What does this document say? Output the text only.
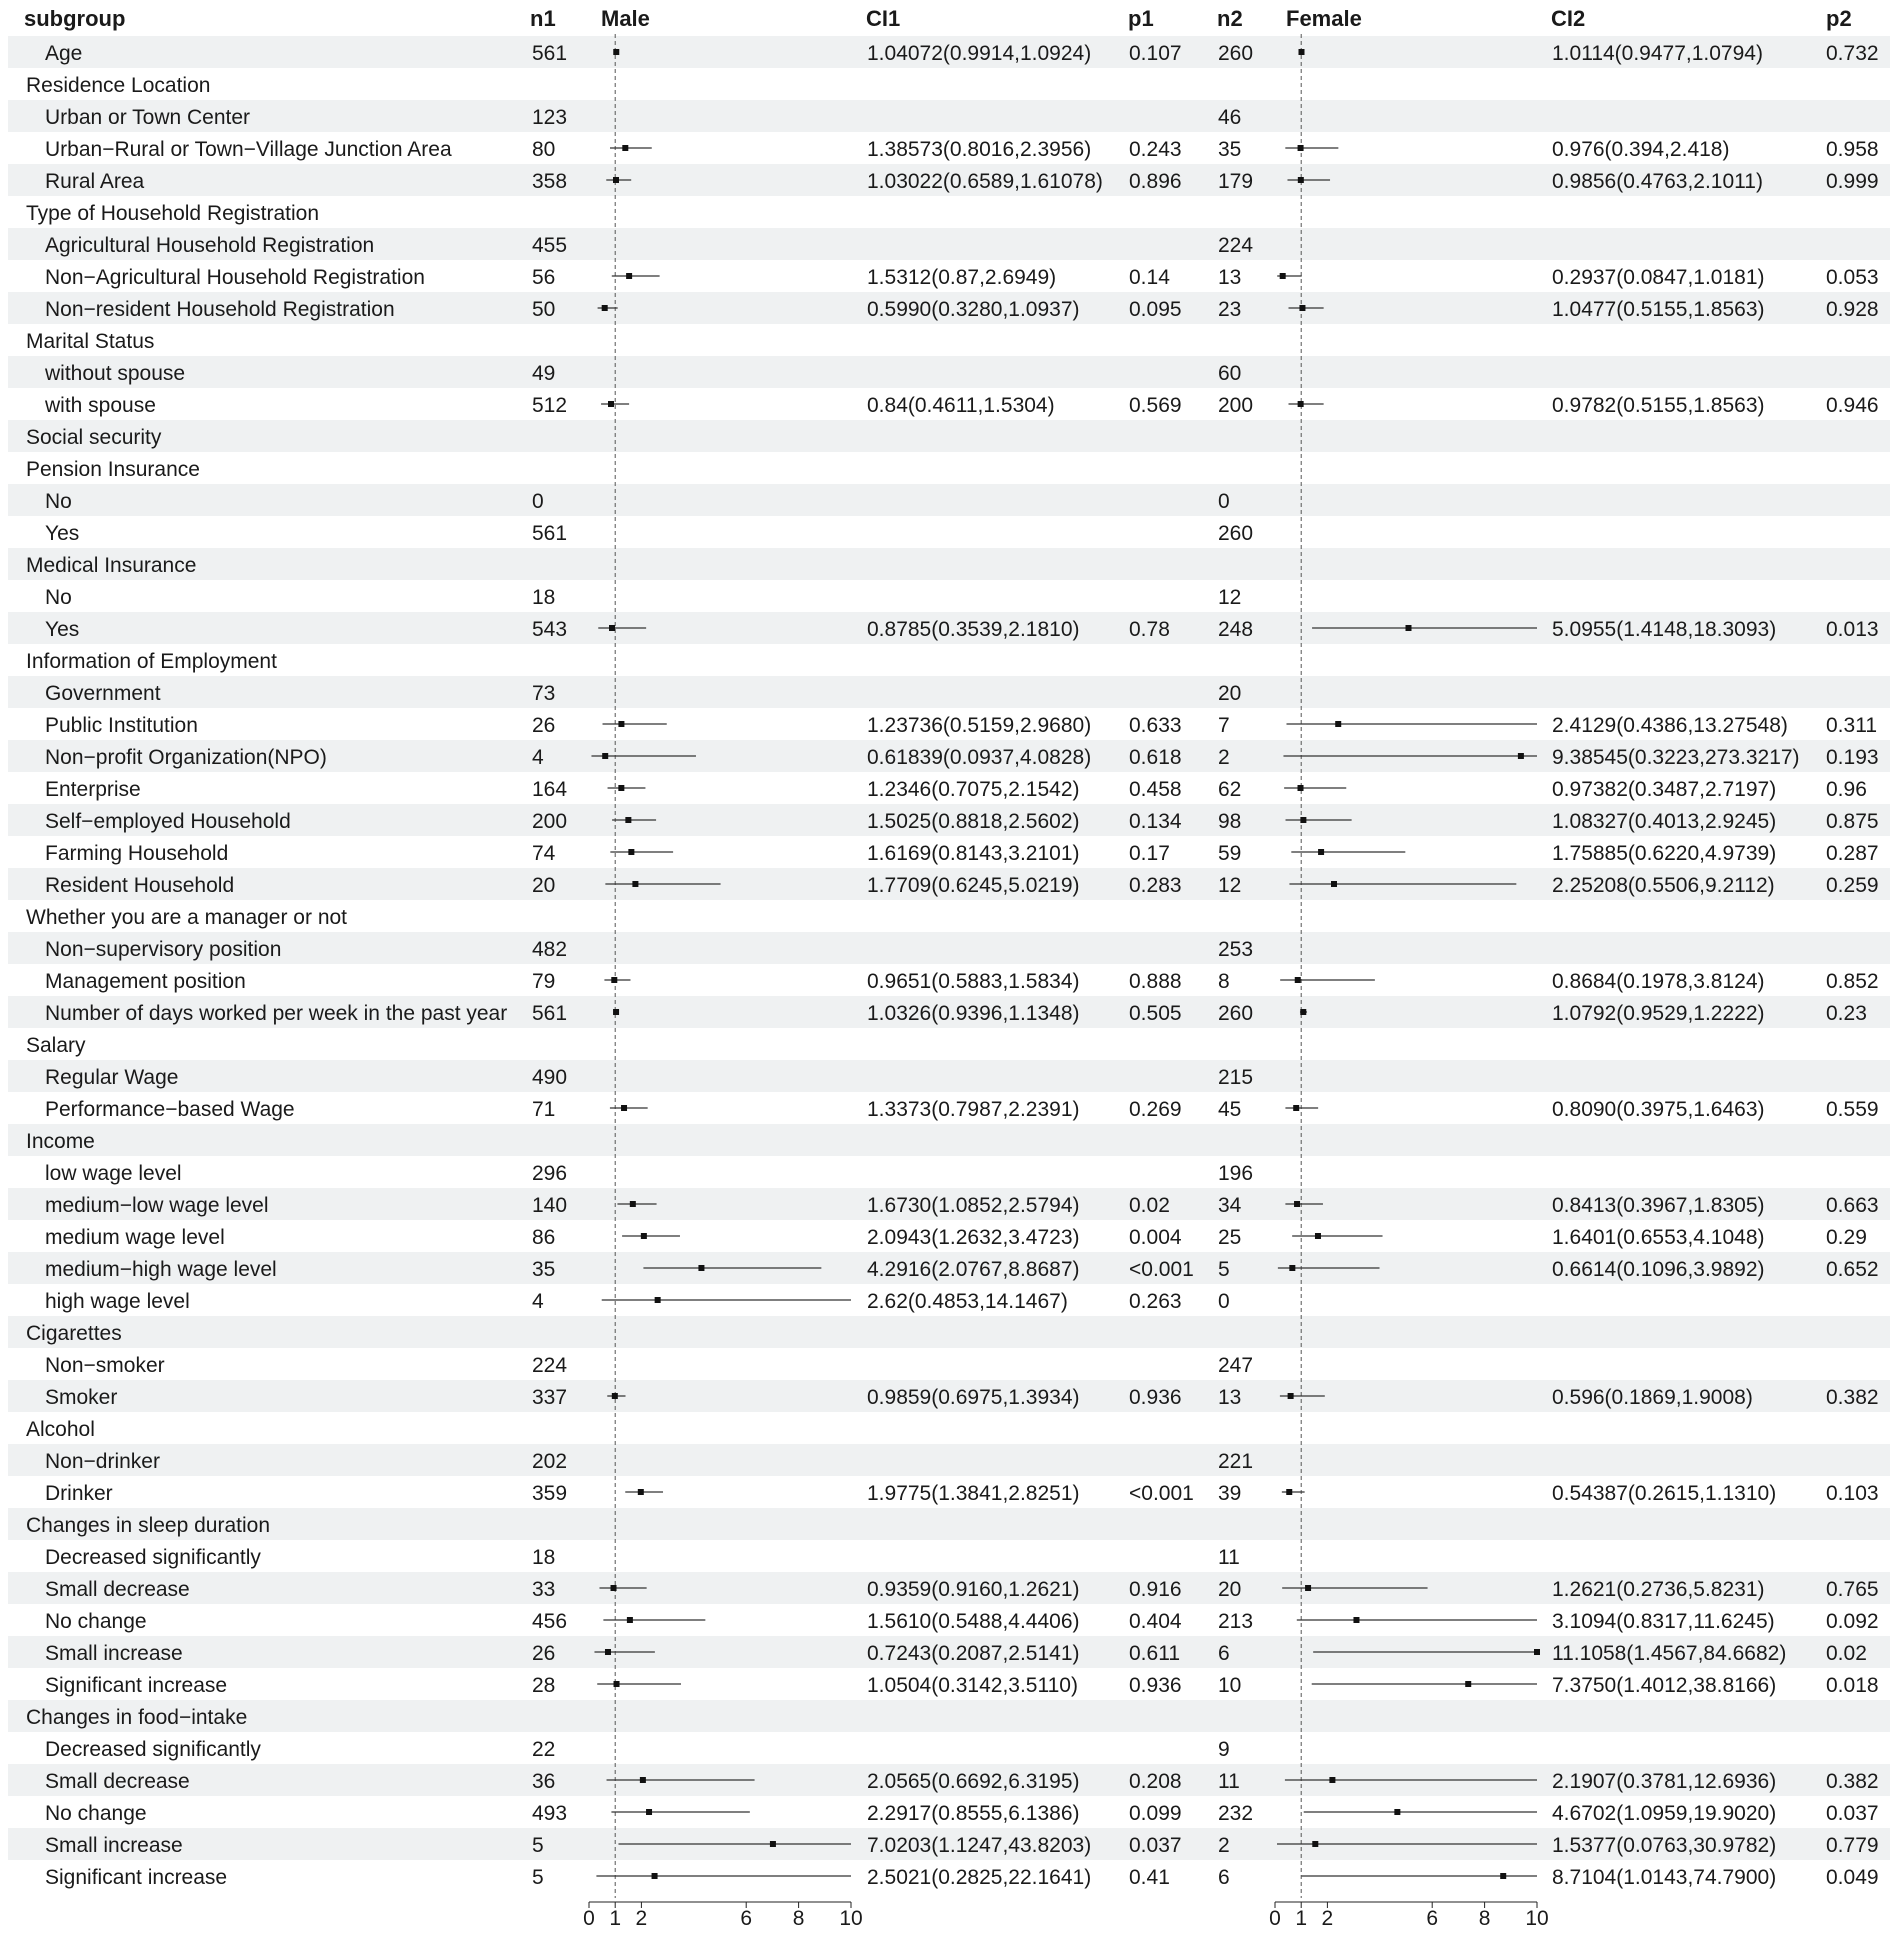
subgroup	n1 Male	CI1	p1	n2 Female	CI2	p2
Age	561	1.04072(0.9914,1.0924) 0.107 260	1.0114(0.9477,1.0794)	0.732
Residence Location
Urban or Town Center	123	46
Urban−Rural or Town−Village Junction Area	80	1.38573(0.8016,2.3956) 0.243 35	0.976(0.394,2.418)	0.958
Rural Area	358	1.03022(0.6589,1.61078) 0.896 179	0.9856(0.4763,2.1011)	0.999
Type of Household Registration
Agricultural Household Registration	455	224
Non−Agricultural Household Registration	56	1.5312(0.87,2.6949)	0.14 13	0.2937(0.0847,1.0181)	0.053
Non−resident Household Registration	50	0.5990(0.3280,1.0937) 0.095 23	1.0477(0.5155,1.8563)	0.928
Marital Status
without spouse	49	60
with spouse	512	0.84(0.4611,1.5304)	0.569 200	0.9782(0.5155,1.8563)	0.946
Social security
Pension Insurance
No	0	0
Yes	561	260
Medical Insurance
No	18	12
Yes	543	0.8785(0.3539,2.1810) 0.78 248	5.0955(1.4148,18.3093) 0.013
Information of Employment
Government	73	20
Public Institution	26	1.23736(0.5159,2.9680) 0.633 7	2.4129(0.4386,13.27548) 0.311
Non−profit Organization(NPO)	4	0.61839(0.0937,4.0828) 0.618 2	9.38545(0.3223,273.3217) 0.193
Enterprise	164	1.2346(0.7075,2.1542) 0.458 62	0.97382(0.3487,2.7197) 0.96
Self−employed Household	200	1.5025(0.8818,2.5602) 0.134 98	1.08327(0.4013,2.9245) 0.875
Farming Household	74	1.6169(0.8143,3.2101) 0.17 59	1.75885(0.6220,4.9739) 0.287
Resident Household	20	1.7709(0.6245,5.0219) 0.283 12	2.25208(0.5506,9.2112) 0.259
Whether you are a manager or not
Non−supervisory position	482	253
Management position	79	0.9651(0.5883,1.5834) 0.888 8	0.8684(0.1978,3.8124)	0.852
Number of days worked per week in the past year 561	1.0326(0.9396,1.1348) 0.505 260	1.0792(0.9529,1.2222)	0.23
Salary
Regular Wage	490	215
Performance−based Wage	71	1.3373(0.7987,2.2391) 0.269 45	0.8090(0.3975,1.6463)	0.559
Income
low wage level	296	196
medium−low wage level	140	1.6730(1.0852,2.5794) 0.02 34	0.8413(0.3967,1.8305)	0.663
medium wage level	86	2.0943(1.2632,3.4723) 0.004 25	1.6401(0.6553,4.1048)	0.29
medium−high wage level	35	4.2916(2.0767,8.8687) <0.001 5	0.6614(0.1096,3.9892)	0.652
high wage level	4	2.62(0.4853,14.1467)	0.263 0
Cigarettes
Non−smoker	224	247
Smoker	337	0.9859(0.6975,1.3934) 0.936 13	0.596(0.1869,1.9008)	0.382
Alcohol
Non−drinker	202	221
Drinker	359	1.9775(1.3841,2.8251) <0.001 39	0.54387(0.2615,1.1310) 0.103
Changes in sleep duration
Decreased significantly	18	11
Small decrease	33	0.9359(0.9160,1.2621) 0.916 20	1.2621(0.2736,5.8231)	0.765
No change	456	1.5610(0.5488,4.4406) 0.404 213	3.1094(0.8317,11.6245) 0.092
Small increase	26	0.7243(0.2087,2.5141) 0.611 6	11.1058(1.4567,84.6682) 0.02
Significant increase	28	1.0504(0.3142,3.5110) 0.936 10	7.3750(1.4012,38.8166) 0.018
Changes in food−intake
Decreased significantly	22	9
Small decrease	36	2.0565(0.6692,6.3195) 0.208 11	2.1907(0.3781,12.6936) 0.382
No change	493	2.2917(0.8555,6.1386) 0.099 232	4.6702(1.0959,19.9020) 0.037
Small increase	5	7.0203(1.1247,43.8203) 0.037 2	1.5377(0.0763,30.9782) 0.779
Significant increase	5	2.5021(0.2825,22.1641) 0.41 6	8.7104(1.0143,74.7900) 0.049
0 1 2	6 8 10	0 1 2	6 8 10
